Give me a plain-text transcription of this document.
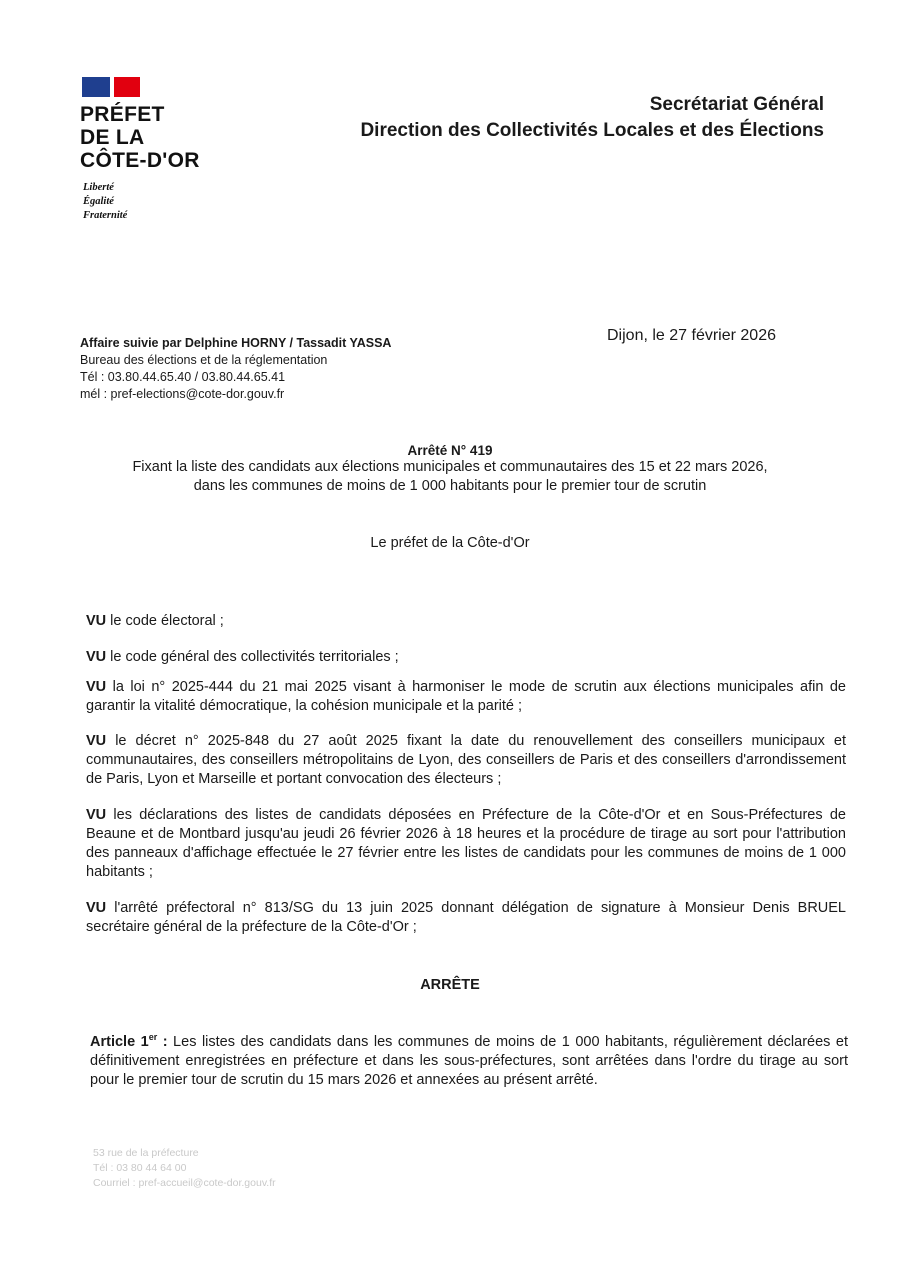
PRÉFET
DE LA
CÔTE-D'OR
Liberté
Égalité
Fraternité
Secrétariat Général
Direction des Collectivités Locales et des Élections
Affaire suivie par Delphine HORNY / Tassadit YASSA
Bureau des élections et de la réglementation
Tél : 03.80.44.65.40 / 03.80.44.65.41
mél : pref-elections@cote-dor.gouv.fr
Dijon, le 27 février 2026
Arrêté N° 419
Fixant la liste des candidats aux élections municipales et communautaires des 15 et 22 mars 2026,
dans les communes de moins de 1 000 habitants pour le premier tour de scrutin
Le préfet de la Côte-d'Or
VU le code électoral ;
VU le code général des collectivités territoriales ;
VU la loi n° 2025-444 du 21 mai 2025 visant à harmoniser le mode de scrutin aux élections municipales afin de garantir la vitalité démocratique, la cohésion municipale et la parité ;
VU le décret n° 2025-848 du 27 août 2025 fixant la date du renouvellement des conseillers municipaux et communautaires, des conseillers métropolitains de Lyon, des conseillers de Paris et des conseillers d'arrondissement de Paris, Lyon et Marseille et portant convocation des électeurs ;
VU les déclarations des listes de candidats déposées en Préfecture de la Côte-d'Or et en Sous-Préfectures de Beaune et de Montbard jusqu'au jeudi 26 février 2026 à 18 heures et la procédure de tirage au sort pour l'attribution des panneaux d'affichage effectuée le 27 février entre les listes de candidats pour les communes de moins de 1 000 habitants ;
VU l'arrêté préfectoral n° 813/SG du 13 juin 2025 donnant délégation de signature à Monsieur Denis BRUEL secrétaire général de la préfecture de la Côte-d'Or ;
ARRÊTE
Article 1er : Les listes des candidats dans les communes de moins de 1 000 habitants, régulièrement déclarées et définitivement enregistrées en préfecture et dans les sous-préfectures, sont arrêtées dans l'ordre du tirage au sort pour le premier tour de scrutin du 15 mars 2026 et annexées au présent arrêté.
53 rue de la préfecture
Tél : 03 80 44 64 00
Courriel : pref-accueil@cote-dor.gouv.fr
